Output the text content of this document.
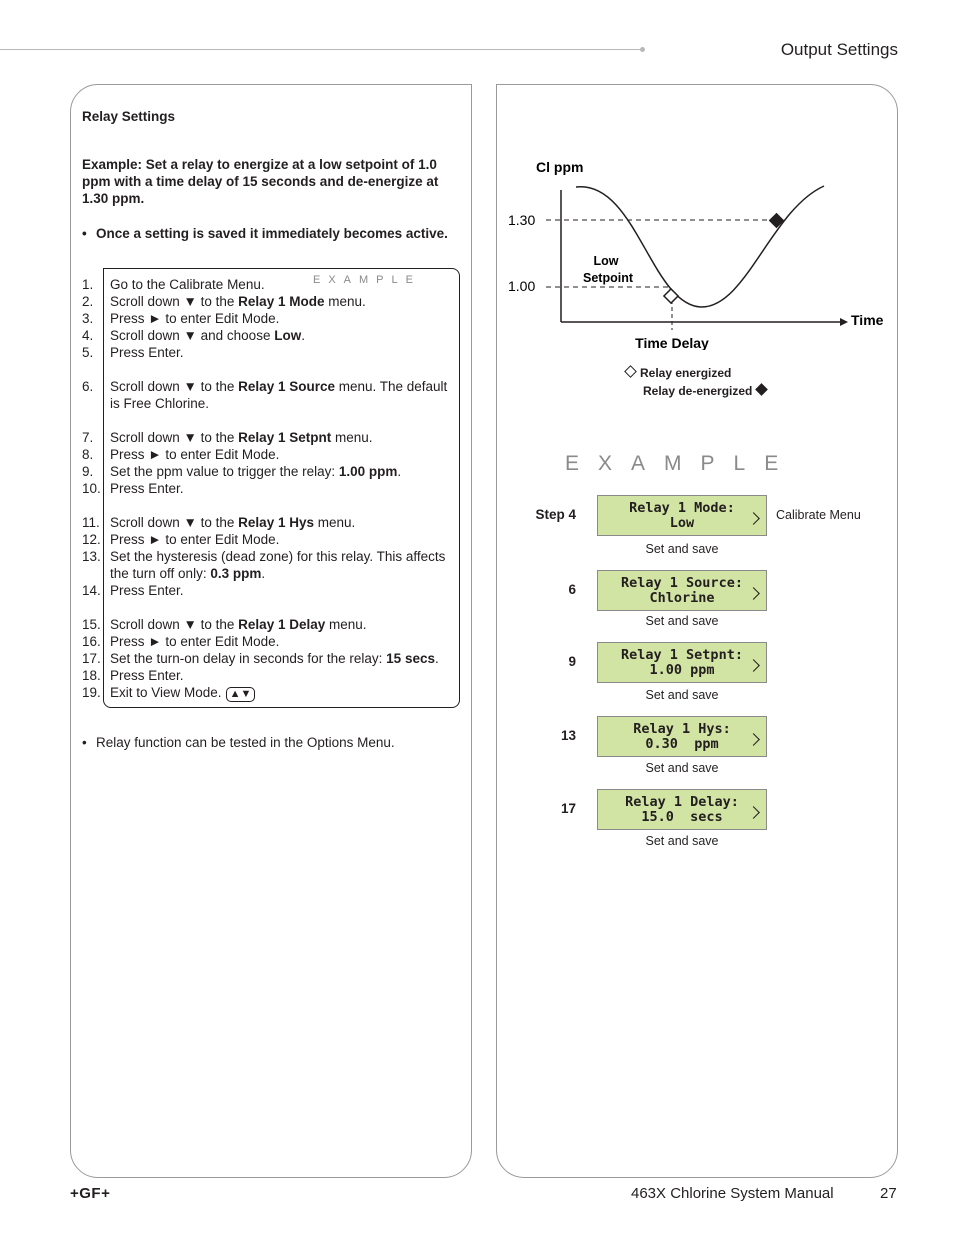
Output Settings
Relay Settings
Example: Set a relay to energize at a low setpoint of 1.0 ppm with a time delay of 15 seconds and de-energize at 1.30 ppm.
• Once a setting is saved it immediately becomes active.
EXAMPLE
1. Go to the Calibrate Menu.
2. Scroll down ▼ to the Relay 1 Mode menu.
3. Press ► to enter Edit Mode.
4. Scroll down ▼ and choose Low.
5. Press Enter.
6. Scroll down ▼ to the Relay 1 Source menu. The default is Free Chlorine.
7. Scroll down ▼ to the Relay 1 Setpnt menu.
8. Press ► to enter Edit Mode.
9. Set the ppm value to trigger the relay: 1.00 ppm.
10. Press Enter.
11. Scroll down ▼ to the Relay 1 Hys menu.
12. Press ► to enter Edit Mode.
13. Set the hysteresis (dead zone) for this relay. This affects the turn off only: 0.3 ppm.
14. Press Enter.
15. Scroll down ▼ to the Relay 1 Delay menu.
16. Press ► to enter Edit Mode.
17. Set the turn-on delay in seconds for the relay: 15 secs.
18. Press Enter.
19. Exit to View Mode. ▲▼
• Relay function can be tested in the Options Menu.
Cl ppm
Time
1.30
1.00
Low
Setpoint
Time Delay
Relay energized
Relay de-energized
EXAMPLE
Step 4	Relay 1 Mode:
Low
Set and save
6	Relay 1 Source:
Chlorine
Set and save
9	Relay 1 Setpnt:
1.00 ppm
Set and save
13	Relay 1 Hys:
0.30  ppm
Set and save
17	Relay 1 Delay:
15.0  secs
Set and save
Calibrate Menu
+GF+	463X Chlorine System Manual	27
